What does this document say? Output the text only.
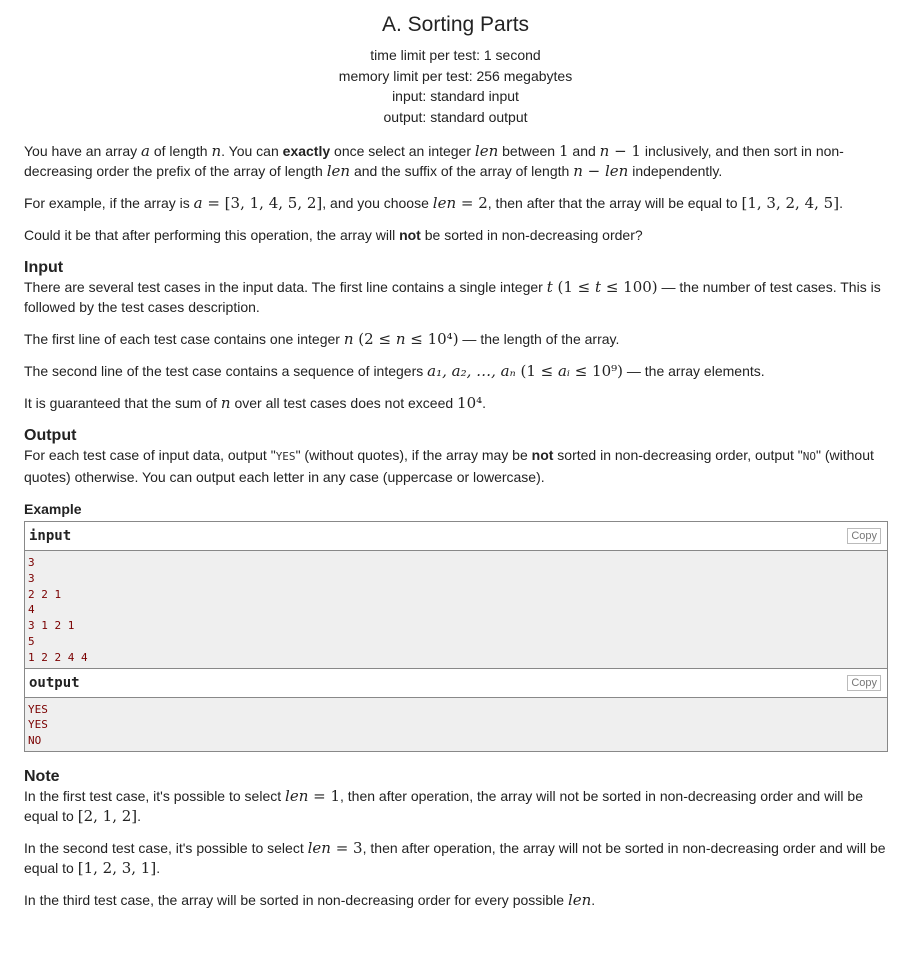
A. Sorting Parts
time limit per test: 1 second
memory limit per test: 256 megabytes
input: standard input
output: standard output

You have an array a of length n. You can exactly once select an integer len between 1 and n − 1 inclusively, and then sort in non-decreasing order the prefix of the array of length len and the suffix of the array of length n − len independently.

For example, if the array is a = [3, 1, 4, 5, 2], and you choose len = 2, then after that the array will be equal to [1, 3, 2, 4, 5].

Could it be that after performing this operation, the array will not be sorted in non-decreasing order?

Input

There are several test cases in the input data. The first line contains a single integer t (1 ≤ t ≤ 100) — the number of test cases. This is followed by the test cases description.

The first line of each test case contains one integer n (2 ≤ n ≤ 10⁴) — the length of the array.

The second line of the test case contains a sequence of integers a₁, a₂, …, aₙ (1 ≤ aᵢ ≤ 10⁹) — the array elements.

It is guaranteed that the sum of n over all test cases does not exceed 10⁴.

Output

For each test case of input data, output "YES" (without quotes), if the array may be not sorted in non-decreasing order, output "NO" (without quotes) otherwise. You can output each letter in any case (uppercase or lowercase).

Example
input	Copy
3
3
2 2 1
4
3 1 2 1
5
1 2 2 4 4
output	Copy
YES
YES
NO
Note

In the first test case, it's possible to select len = 1, then after operation, the array will not be sorted in non-decreasing order and will be equal to [2, 1, 2].

In the second test case, it's possible to select len = 3, then after operation, the array will not be sorted in non-decreasing order and will be equal to [1, 2, 3, 1].

In the third test case, the array will be sorted in non-decreasing order for every possible len.
